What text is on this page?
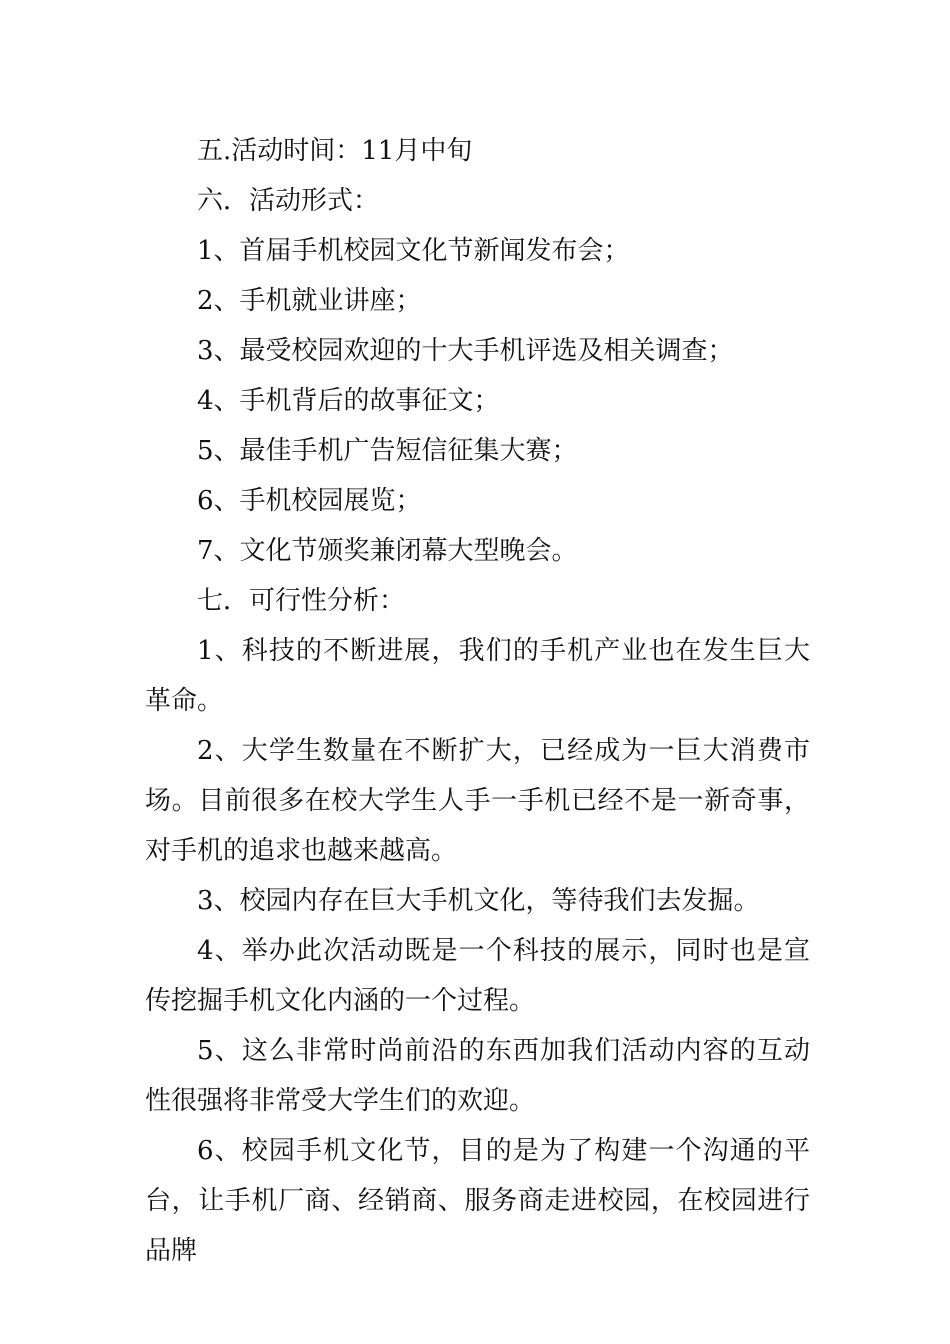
五.活动时间：11月中旬

六．活动形式：

1、首届手机校园文化节新闻发布会；

2、手机就业讲座；

3、最受校园欢迎的十大手机评选及相关调查；

4、手机背后的故事征文；

5、最佳手机广告短信征集大赛；

6、手机校园展览；

7、文化节颁奖兼闭幕大型晚会。

七．可行性分析：

1、科技的不断进展，我们的手机产业也在发生巨大革命。

2、大学生数量在不断扩大，已经成为一巨大消费市场。目前很多在校大学生人手一手机已经不是一新奇事，对手机的追求也越来越高。

3、校园内存在巨大手机文化，等待我们去发掘。

4、举办此次活动既是一个科技的展示，同时也是宣传挖掘手机文化内涵的一个过程。

5、这么非常时尚前沿的东西加我们活动内容的互动性很强将非常受大学生们的欢迎。

6、校园手机文化节，目的是为了构建一个沟通的平台，让手机厂商、经销商、服务商走进校园，在校园进行品牌
